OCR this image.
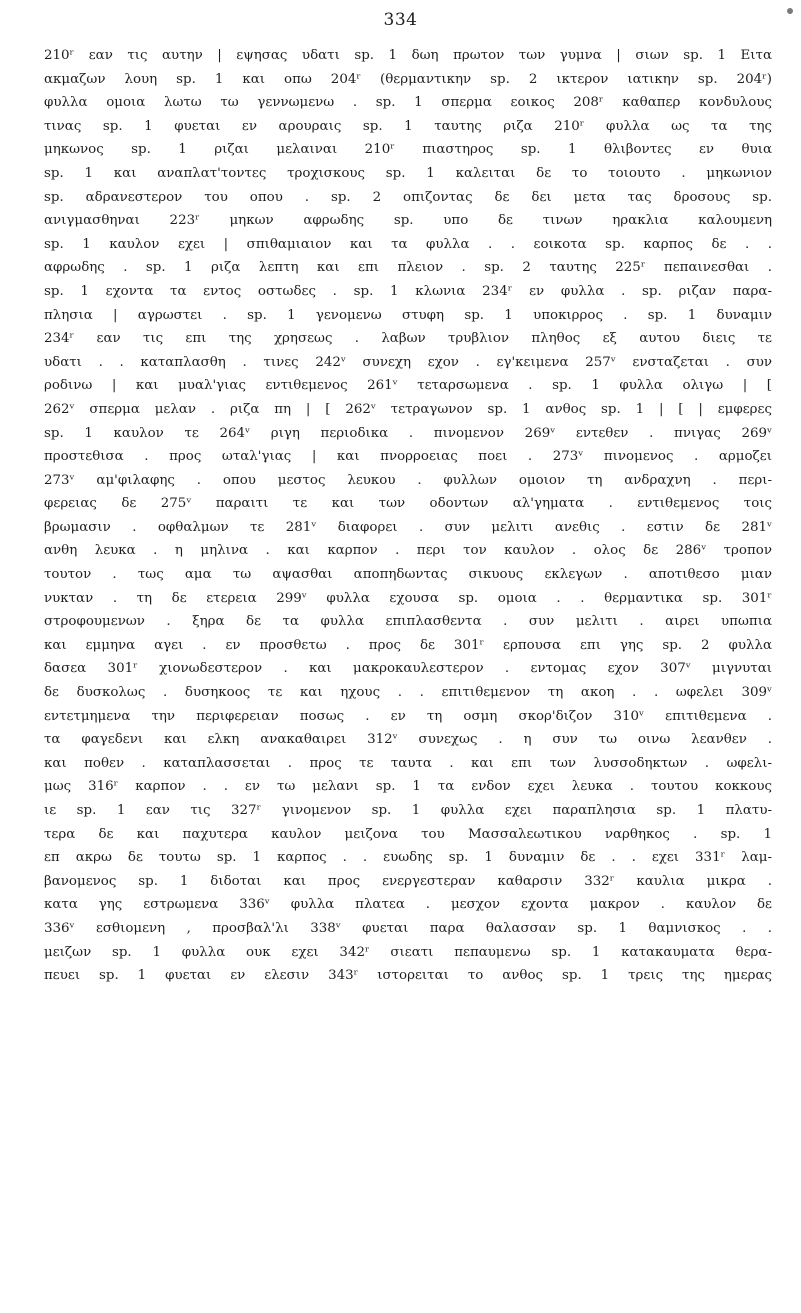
334
210ʳ εαν τις αυτην | εψησας υδατι sp. 1 δωη πρωτον των γυμνα | σιων sp. 1 Ειτα
ακμαζων λουη sp. 1 και οπω 204ʳ (θερμαντικην sp. 2 ικτερον ιατικην sp. 204ʳ)
φυλλα ομοια λωτω τω γεννωμενω . sp. 1 σπερμα εοικος 208ʳ καθαπερ κονδυλους
τινας sp. 1 φυεται εν αρουραις sp. 1 ταυτης ριζα 210ʳ φυλλα ως τα της
μηκωνος sp. 1 ριζαι μελαιναι 210ʳ πιαστηρος sp. 1 θλιβοντες εν θυια
sp. 1 και αναπλατ'τοντες τροχισκους sp. 1 καλειται δε το τοιουτο . μηκωνιον
sp. αδρανεστερον του οπου . sp. 2 οπιζοντας δε δει μετα τας δροσους sp.
ανιγμασθηναι 223ʳ μηκων αφρωδης sp. υπο δε τινων ηρακλια καλουμενη
sp. 1 καυλον εχει | σπιθαμιαιον και τα φυλλα . . εοικοτα sp. καρπος δε . .
αφρωδης . sp. 1 ριζα λεπτη και επι πλειον . sp. 2 ταυτης 225ʳ πεπαινεσθαι .
sp. 1 εχοντα τα εντος οστωδες . sp. 1 κλωνια 234ʳ εν φυλλα . sp. ριζαν παρα-
πλησια | αγρωστει . sp. 1 γενομενω στυφη sp. 1 υποκιρρος . sp. 1 δυναμιν
234ʳ εαν τις επι της χρησεως . λαβων τρυβλιον πληθος εξ αυτου διεις τε
υδατι . . καταπλασθη . τινες 242ᵛ συνεχη εχον . εγ'κειμενα 257ᵛ ενσταζεται . συν
ροδινω | και μυαλ'γιας εντιθεμενος 261ᵛ τεταρσωμενα . sp. 1 φυλλα ολιγω | [
262ᵛ σπερμα μελαν . ριζα πη | [ 262ᵛ τετραγωνον sp. 1 ανθος sp. 1 | [ | εμφερες
sp. 1 καυλον τε 264ᵛ ριγη περιοδικα . πινομενον 269ᵛ εντεθεν . πνιγας 269ᵛ
προστεθισα . προς ωταλ'γιας | και πνορροειας ποει . 273ᵛ πινομενος . αρμοζει
273ᵛ αμ'φιλαφης . οπου μεστος λευκου . φυλλων ομοιον τη ανδραχνη . περι-
φερειας δε 275ᵛ παραιτι τε και των οδοντων αλ'γηματα . εντιθεμενος τοις
βρωμασιν . οφθαλμων τε 281ᵛ διαφορει . συν μελιτι ανεθις . εστιν δε 281ᵛ
ανθη λευκα . η μηλινα . και καρπον . περι τον καυλον . ολος δε 286ᵛ τροπον
τουτον . τως αμα τω αψασθαι αποπηδωντας σικυους εκλεγων . αποτιθεσο μιαν
νυκταν . τη δε ετερεια 299ᵛ φυλλα εχουσα sp. ομοια . . θερμαντικα sp. 301ʳ
στροφουμενων . ξηρα δε τα φυλλα επιπλασθεντα . συν μελιτι . αιρει υπωπια
και εμμηνα αγει . εν προσθετω . προς δε 301ʳ ερπουσα επι γης sp. 2 φυλλα
δασεα 301ʳ χιονωδεστερον . και μακροκαυλεστερον . εντομας εχον 307ᵛ μιγνυται
δε δυσκολως . δυσηκοος τε και ηχους . . επιτιθεμενον τη ακοη . . ωφελει 309ᵛ
εντετμημενα την περιφερειαν ποσως . εν τη οσμη σκορ'διζον 310ᵛ επιτιθεμενα .
τα φαγεδενι και ελκη ανακαθαιρει 312ᵛ συνεχως . η συν τω οινω λεανθεν .
και ποθεν . καταπλασσεται . προς τε ταυτα . και επι των λυσσοδηκτων . ωφελι-
μως 316ʳ καρπον . . εν τω μελανι sp. 1 τα ενδον εχει λευκα . τουτου κοκκους
ιε sp. 1 εαν τις 327ʳ γινομενον sp. 1 φυλλα εχει παραπλησια sp. 1 πλατυ-
τερα δε και παχυτερα καυλον μειζονα του Μασσαλεωτικου ναρθηκος . sp. 1
επ ακρω δε τουτω sp. 1 καρπος . . ευωδης sp. 1 δυναμιν δε . . εχει 331ʳ λαμ-
βανομενος sp. 1 διδοται και προς ενεργεστεραν καθαρσιν 332ʳ καυλια μικρα .
κατα γης εστρωμενα 336ᵛ φυλλα πλατεα . μεσχον εχοντα μακρον . καυλον δε
336ᵛ εσθιομενη , προσβαλ'λι 338ᵛ φυεται παρα θαλασσαν sp. 1 θαμνισκος . .
μειζων sp. 1 φυλλα ουκ εχει 342ʳ σιεατι πεπαυμενω sp. 1 κατακαυματα θερα-
πευει sp. 1 φυεται εν ελεσιν 343ʳ ιστορειται το ανθος sp. 1 τρεις της ημερας
